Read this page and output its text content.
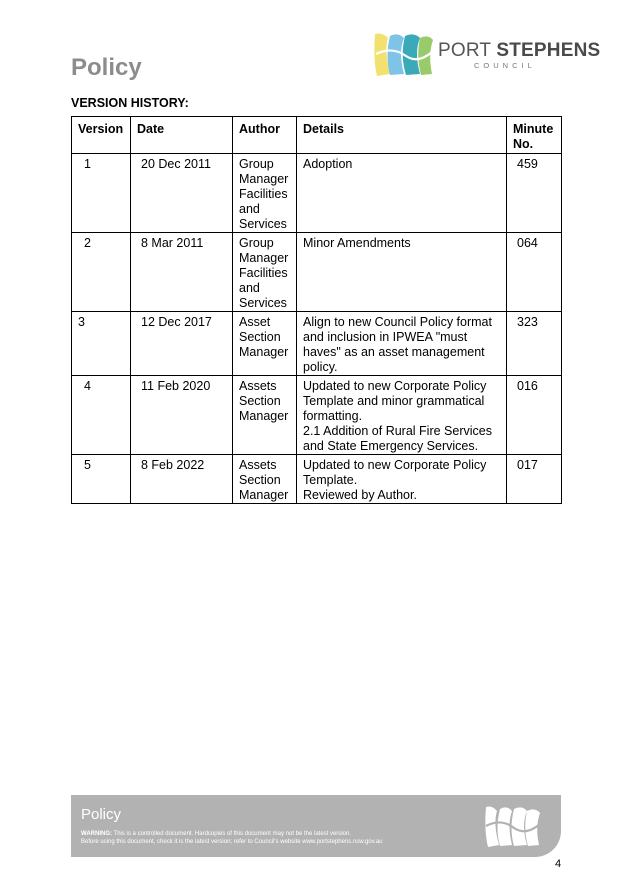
Policy
PORT STEPHENS
COUNCIL
VERSION HISTORY:
Version	Date	Author	Details	Minute
No.
1	20 Dec 2011	Group
Manager
Facilities
and
Services	Adoption	459
2	8 Mar 2011	Group
Manager
Facilities
and
Services	Minor Amendments	064
3	12 Dec 2017	Asset
Section
Manager	Align to new Council Policy format
and inclusion in IPWEA "must
haves" as an asset management
policy.	323
4	11 Feb 2020	Assets
Section
Manager	Updated to new Corporate Policy
Template and minor grammatical
formatting.
2.1 Addition of Rural Fire Services
and State Emergency Services.	016
5	8 Feb 2022	Assets
Section
Manager	Updated to new Corporate Policy
Template.
Reviewed by Author.	017
Policy
WARNING: This is a controlled document. Hardcopies of this document may not be the latest version.
Before using this document, check it is the latest version; refer to Council's website www.portstephens.nsw.gov.au
4
